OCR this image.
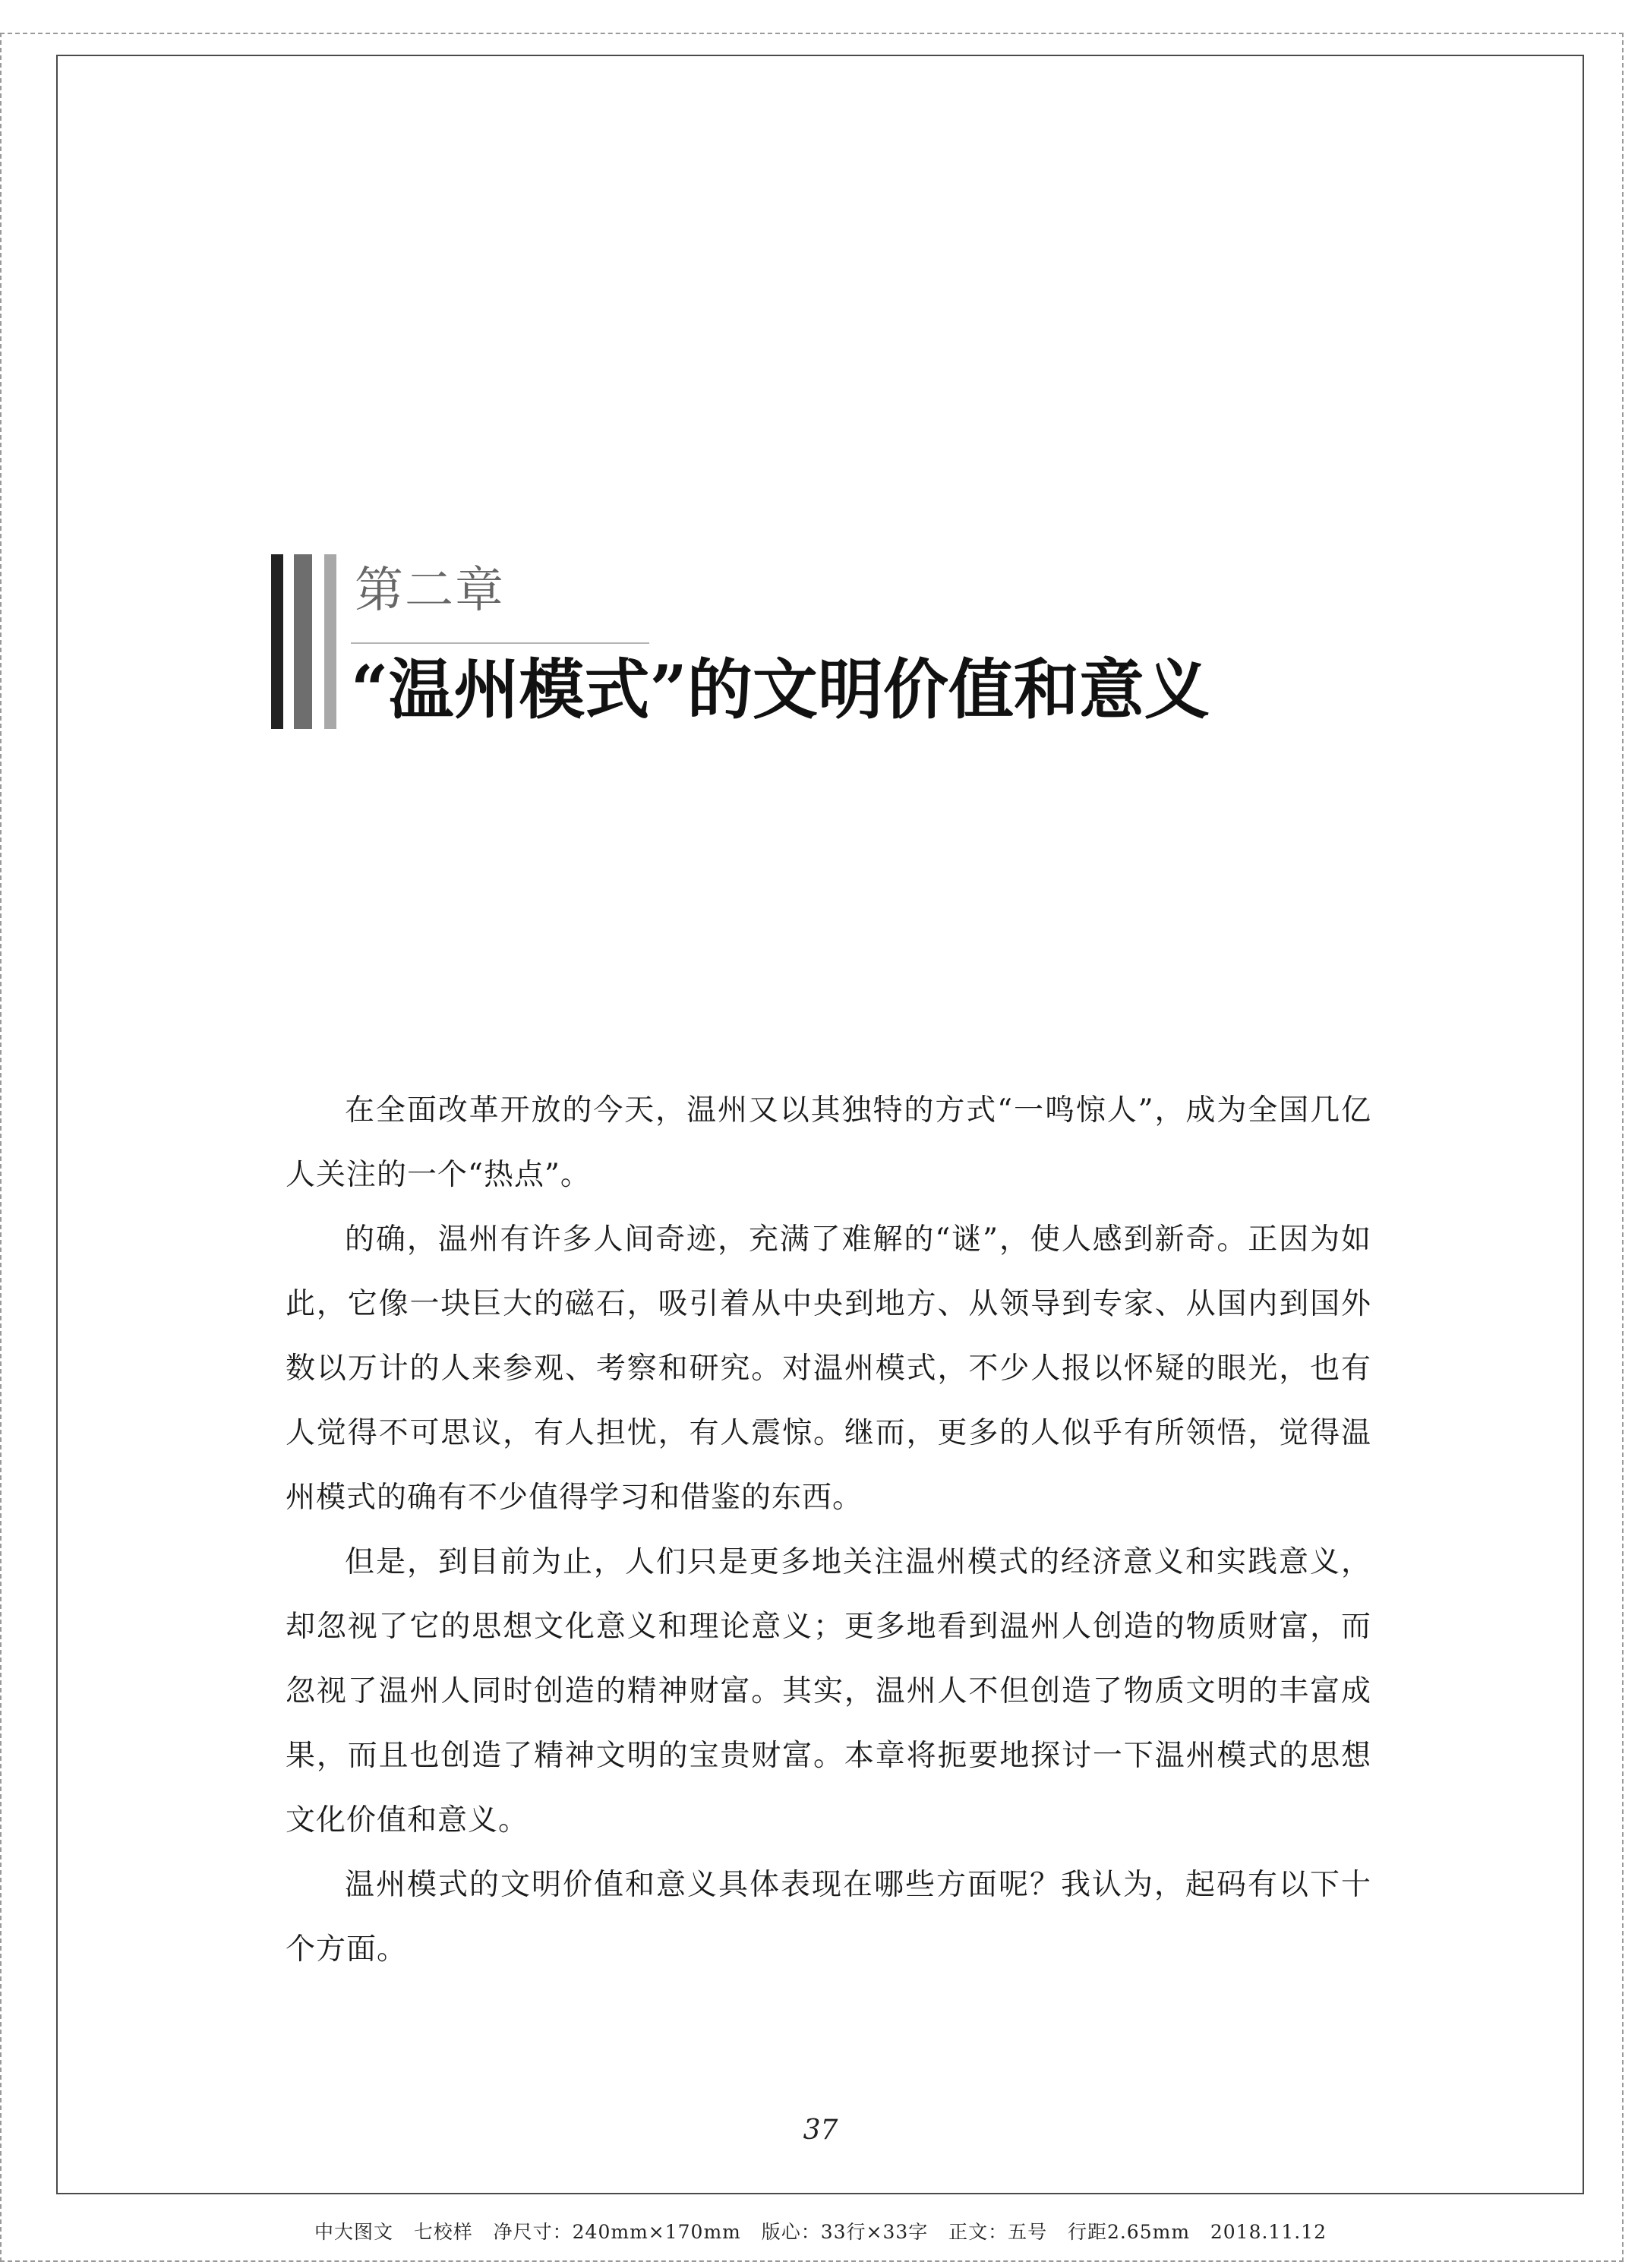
第二章
“温州模式”的文明价值和意义

在全面改革开放的今天，温州又以其独特的方式“一鸣惊人”，成为全国几亿人关注的一个“热点”。

的确，温州有许多人间奇迹，充满了难解的“谜”，使人感到新奇。正因为如此，它像一块巨大的磁石，吸引着从中央到地方、从领导到专家、从国内到国外数以万计的人来参观、考察和研究。对温州模式，不少人报以怀疑的眼光，也有人觉得不可思议，有人担忧，有人震惊。继而，更多的人似乎有所领悟，觉得温州模式的确有不少值得学习和借鉴的东西。

但是，到目前为止，人们只是更多地关注温州模式的经济意义和实践意义，却忽视了它的思想文化意义和理论意义；更多地看到温州人创造的物质财富，而忽视了温州人同时创造的精神财富。其实，温州人不但创造了物质文明的丰富成果，而且也创造了精神文明的宝贵财富。本章将扼要地探讨一下温州模式的思想文化价值和意义。

温州模式的文明价值和意义具体表现在哪些方面呢？我认为，起码有以下十个方面。

37
中大图文   七校样   净尺寸：240mm×170mm   版心：33行×33字   正文：五号   行距2.65mm   2018.11.12
